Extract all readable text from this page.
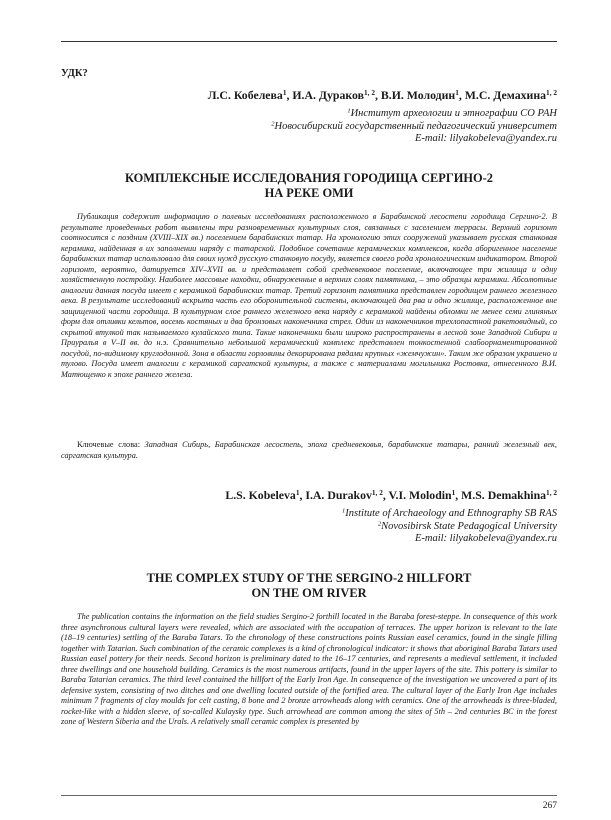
УДК?
Л.С. Кобелева$^1$, И.А. Дураков$^{1, 2}$, В.И. Молодин$^1$, М.С. Демахина$^{1, 2}$
$^1$Институт археологии и этнографии СО РАН
$^2$Новосибирский государственный педагогический университет
E-mail: lilyakobeleva@yandex.ru
КОМПЛЕКСНЫЕ ИССЛЕДОВАНИЯ ГОРОДИЩА СЕРГИНО-2
НА РЕКЕ ОМИ

Публикация содержит информацию о полевых исследованиях расположенного в Барабинской лесостепи городища Сергино-2. В результате проведенных работ выявлены три разновременных культурных слоя, связанных с заселением террасы. Верхний горизонт соотносится с поздним (XVIII–XIX вв.) поселением барабинских татар. На хронологию этих сооружений указывает русская станковая керамика, найденная в их заполнении наряду с татарской. Подобное сочетание керамических комплексов, когда аборигенное население барабинских татар использовало для своих нужд русскую станковую посуду, является своего рода хронологическим индикатором. Второй горизонт, вероятно, датируется XIV–XVII вв. и представляет собой средневековое поселение, включающее три жилища и одну хозяйственную постройку. Наиболее массовые находки, обнаруженные в верхних слоях памятника, – это образцы керамики. Абсолютные аналогии данная посуда имеет с керамикой барабинских татар. Третий горизонт памятника представлен городищем раннего железного века. В результате исследований вскрыта часть его оборонительной системы, включающей два рва и одно жилище, расположенное вне защищенной части городища. В культурном слое раннего железного века наряду с керамикой найдены обломки не менее семи глиняных форм для отливки кельтов, восемь костяных и два бронзовых наконечника стрел. Один из наконечников трехлопастной ракетовидный, со скрытой втулкой так называемого кулайского типа. Такие наконечники были широко распространены в лесной зоне Западной Сибири и Приуралья в V–II вв. до н.э. Сравнительно небольшой керамический комплекс представлен тонкостенной слабоорнаментированной посудой, по-видимому круглодонной. Зона в области горловины декорирована рядами крупных «жемчужин». Таким же образом украшено и тулово. Посуда имеет аналогии с керамикой саргатской культуры, а также с материалами могильника Ростовка, отнесенного В.И. Матющенко к эпохе раннего железа.

Ключевые слова: Западная Сибирь, Барабинская лесостепь, эпоха средневековья, барабинские татары, ранний железный век, саргатская культура.

L.S. Kobeleva$^1$, I.A. Durakov$^{1, 2}$, V.I. Molodin$^1$, M.S. Demakhina$^{1, 2}$
$^1$Institute of Archaeology and Ethnography SB RAS
$^2$Novosibirsk State Pedagogical University
E-mail: lilyakobeleva@yandex.ru
THE COMPLEX STUDY OF THE SERGINO-2 HILLFORT
ON THE OM RIVER

The publication contains the information on the field studies Sergino-2 forthill located in the Baraba forest-steppe. In consequence of this work three asynchronous cultural layers were revealed, which are associated with the occupation of terraces. The upper horizon is relevant to the late (18–19 centuries) settling of the Baraba Tatars. To the chronology of these constructions points Russian easel ceramics, found in the single filling together with Tatarian. Such combination of the ceramic complexes is a kind of chronological indicator: it shows that aboriginal Baraba Tatars used Russian easel pottery for their needs. Second horizon is preliminary dated to the 16–17 centuries, and represents a medieval settlement, it included three dwellings and one household building. Ceramics is the most numerous artifacts, found in the upper layers of the site. This pottery is similar to Baraba Tatarian ceramics. The third level contained the hillfort of the Early Iron Age. In consequence of the investigation we uncovered a part of its defensive system, consisting of two ditches and one dwelling located outside of the fortified area. The cultural layer of the Early Iron Age includes minimum 7 fragments of clay moulds for celt casting, 8 bone and 2 bronze arrowheads along with ceramics. One of the arrowheads is three-bladed, rocket-like with a hidden sleeve, of so-called Kulaysky type. Such arrowhead are common among the sites of 5th – 2nd centuries BC in the forest zone of Western Siberia and the Urals. A relatively small ceramic complex is presented by

267
